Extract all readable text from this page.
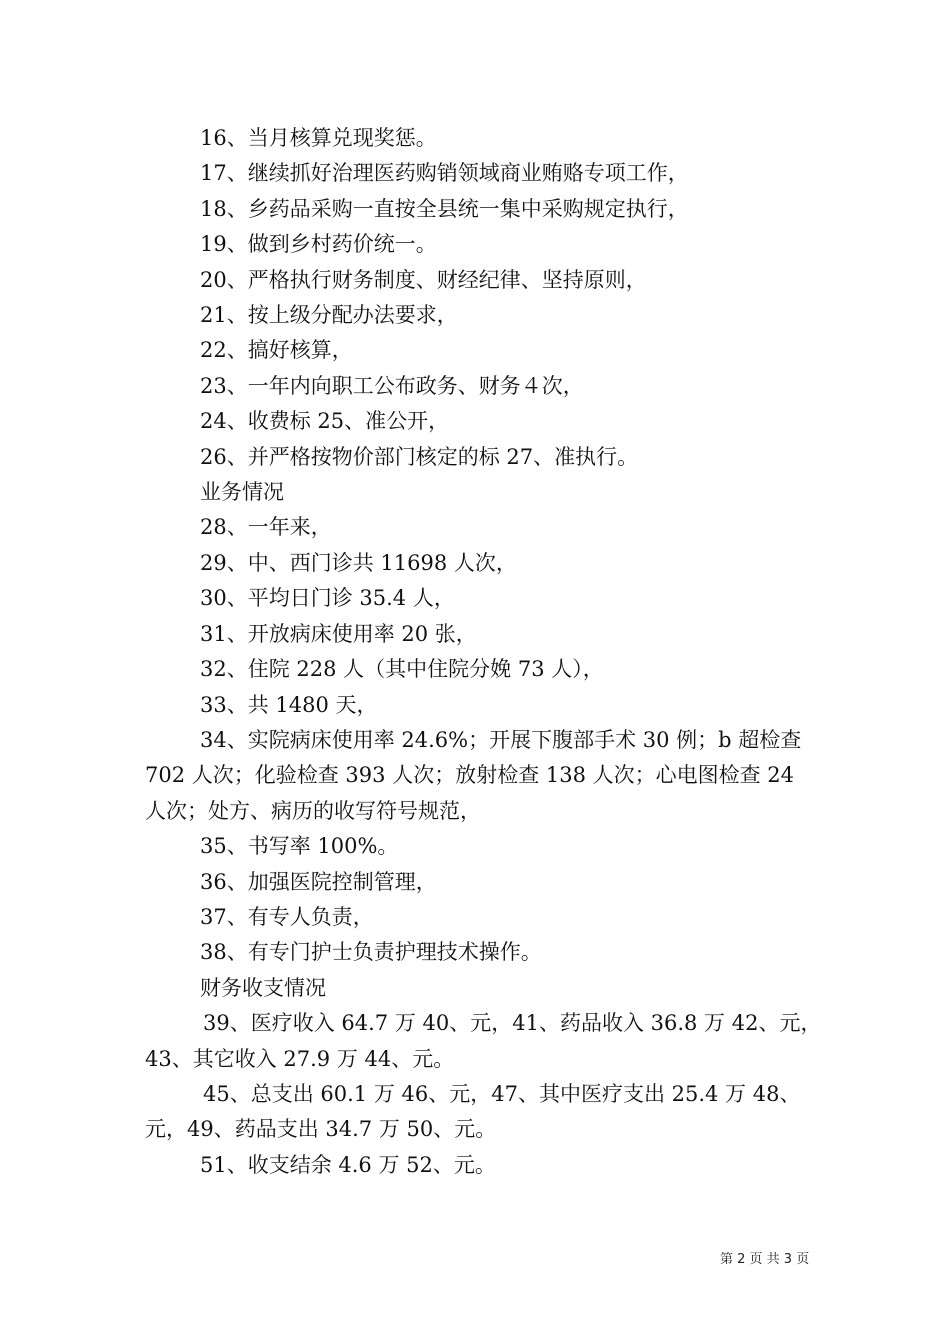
16、当月核算兑现奖惩。
17、继续抓好治理医药购销领域商业贿赂专项工作，
18、乡药品采购一直按全县统一集中采购规定执行，
19、做到乡村药价统一。
20、严格执行财务制度、财经纪律、坚持原则，
21、按上级分配办法要求，
22、搞好核算，
23、一年内向职工公布政务、财务４次，
24、收费标 25、准公开，
26、并严格按物价部门核定的标 27、准执行。
业务情况
28、一年来，
29、中、西门诊共 11698 人次，
30、平均日门诊 35.4 人，
31、开放病床使用率 20 张，
32、住院 228 人（其中住院分娩 73 人），
33、共 1480 天，
34、实院病床使用率 24.6%；开展下腹部手术 30 例；b 超检查
702 人次；化验检查 393 人次；放射检查 138 人次；心电图检查 24
人次；处方、病历的收写符号规范，
35、书写率 100%。
36、加强医院控制管理，
37、有专人负责，
38、有专门护士负责护理技术操作。
财务收支情况
39、医疗收入 64.7 万 40、元，41、药品收入 36.8 万 42、元，
43、其它收入 27.9 万 44、元。
45、总支出 60.1 万 46、元，47、其中医疗支出 25.4 万 48、
元，49、药品支出 34.7 万 50、元。
51、收支结余 4.6 万 52、元。
第 2 页 共 3 页
